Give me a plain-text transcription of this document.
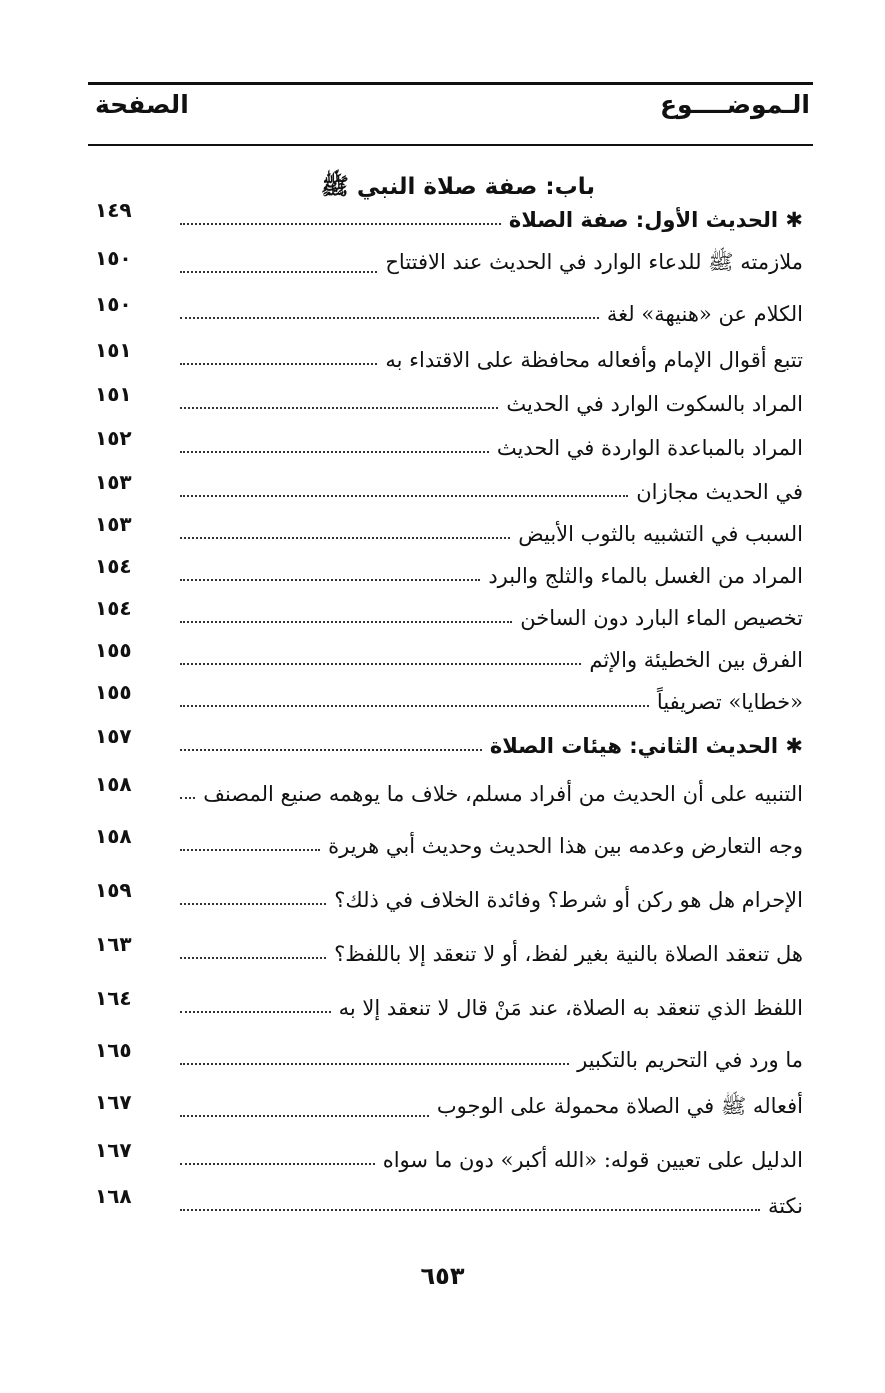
الـموضــــوع
الصفحة
باب: صفة صلاة النبي ﷺ
✱ الحديث الأول: صفة الصلاة
١٤٩
ملازمته ﷺ للدعاء الوارد في الحديث عند الافتتاح
١٥٠
الكلام عن «هنيهة» لغة
١٥٠
تتبع أقوال الإمام وأفعاله محافظة على الاقتداء به
١٥١
المراد بالسكوت الوارد في الحديث
١٥١
المراد بالمباعدة الواردة في الحديث
١٥٢
في الحديث مجازان
١٥٣
السبب في التشبيه بالثوب الأبيض
١٥٣
المراد من الغسل بالماء والثلج والبرد
١٥٤
تخصيص الماء البارد دون الساخن
١٥٤
الفرق بين الخطيئة والإثم
١٥٥
«خطايا» تصريفياً
١٥٥
✱ الحديث الثاني: هيئات الصلاة
١٥٧
التنبيه على أن الحديث من أفراد مسلم، خلاف ما يوهمه صنيع المصنف
١٥٨
وجه التعارض وعدمه بين هذا الحديث وحديث أبي هريرة
١٥٨
الإحرام هل هو ركن أو شرط؟ وفائدة الخلاف في ذلك؟
١٥٩
هل تنعقد الصلاة بالنية بغير لفظ، أو لا تنعقد إلا باللفظ؟
١٦٣
اللفظ الذي تنعقد به الصلاة، عند مَنْ قال لا تنعقد إلا به
١٦٤
ما ورد في التحريم بالتكبير
١٦٥
أفعاله ﷺ في الصلاة محمولة على الوجوب
١٦٧
الدليل على تعيين قوله: «الله أكبر» دون ما سواه
١٦٧
نكتة
١٦٨
٦٥٣
